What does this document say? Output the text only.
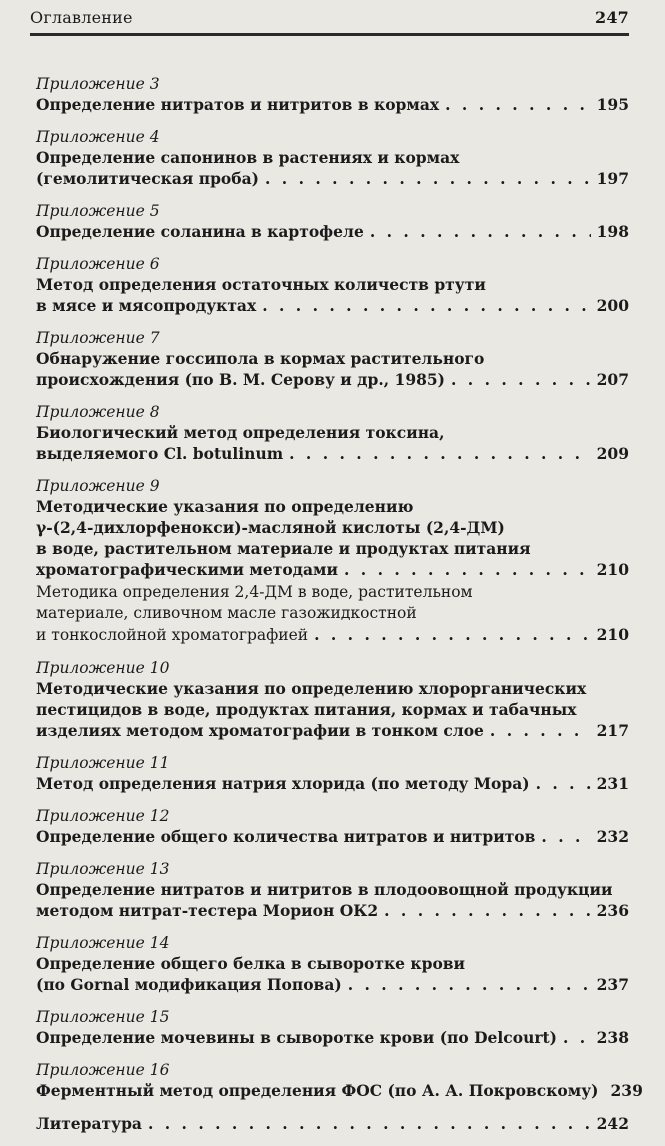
Оглавление	247
Приложение 3
Определение нитратов и нитритов в кормах . . .	195
Приложение 4
Определение сапонинов в растениях и кормах
(гемолитическая проба) . . .	197
Приложение 5
Определение соланина в картофеле . . .	198
Приложение 6
Метод определения остаточных количеств ртути
в мясе и мясопродуктах . . .	200
Приложение 7
Обнаружение госсипола в кормах растительного
происхождения (по В. М. Серову и др., 1985) . . .	207
Приложение 8
Биологический метод определения токсина,
выделяемого Cl. botulinum . . .	209
Приложение 9
Методические указания по определению
γ-(2,4-дихлорфенокси)-масляной кислоты (2,4-ДМ)
в воде, растительном материале и продуктах питания
хроматографическими методами . . .	210
Методика определения 2,4-ДМ в воде, растительном
материале, сливочном масле газожидкостной
и тонкослойной хроматографией . . .	210
Приложение 10
Методические указания по определению хлорорганических
пестицидов в воде, продуктах питания, кормах и табачных
изделиях методом хроматографии в тонком слое . . .	217
Приложение 11
Метод определения натрия хлорида (по методу Мора) . . .	231
Приложение 12
Определение общего количества нитратов и нитритов . . .	232
Приложение 13
Определение нитратов и нитритов в плодоовощной продукции
методом нитрат-тестера Морион ОК2 . . .	236
Приложение 14
Определение общего белка в сыворотке крови
(по Gornal модификация Попова) . . .	237
Приложение 15
Определение мочевины в сыворотке крови (по Delcourt) . . .	238
Приложение 16
Ферментный метод определения ФОС (по А. А. Покровскому) 239
Литература . . .	242
